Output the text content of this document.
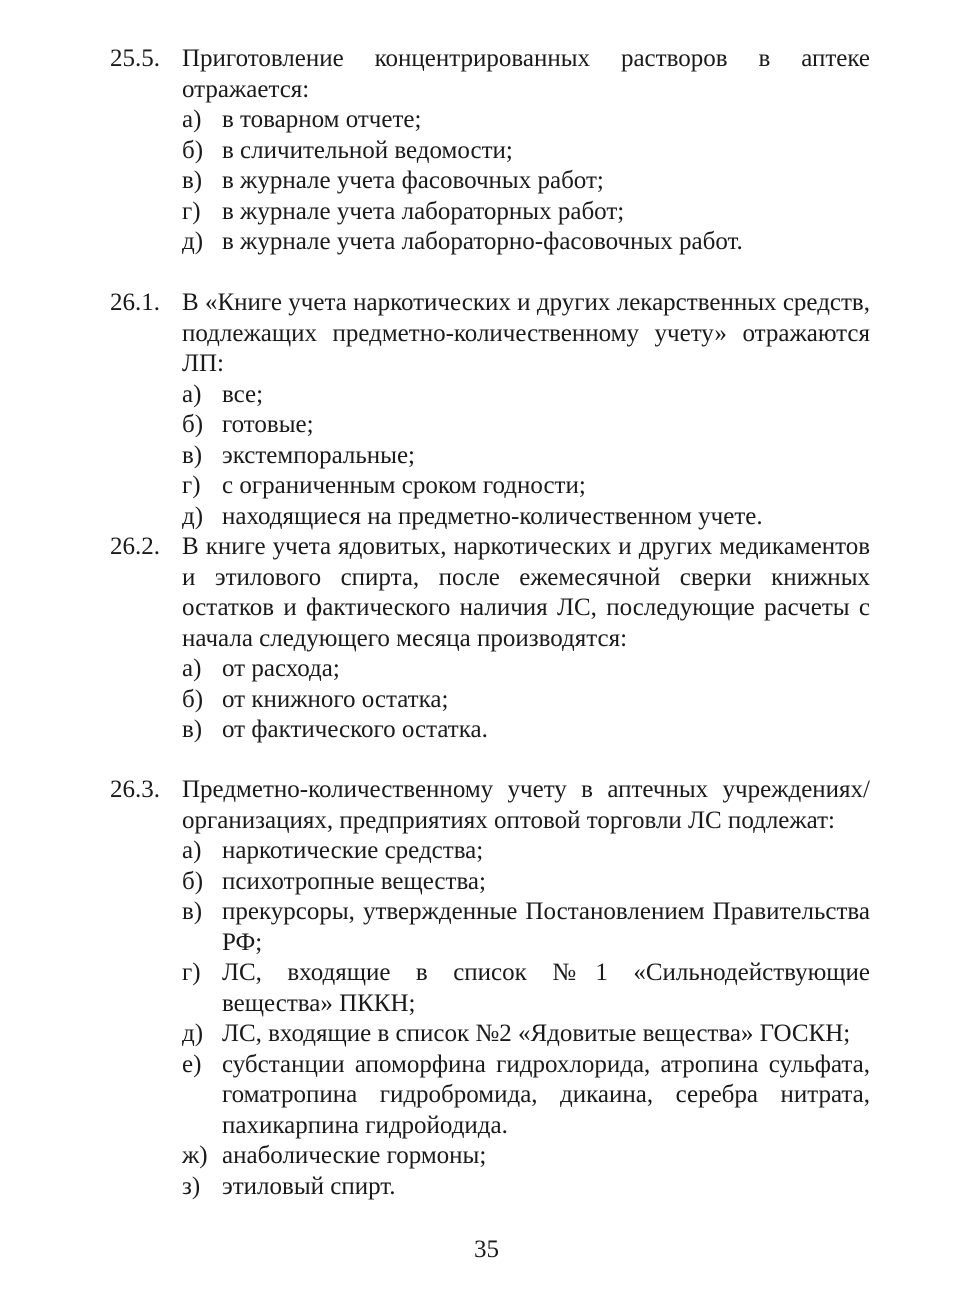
25.5. Приготовление концентрированных растворов в аптеке отражается:
а) в товарном отчете;
б) в сличительной ведомости;
в) в журнале учета фасовочных работ;
г) в журнале учета лабораторных работ;
д) в журнале учета лабораторно-фасовочных работ.
26.1. В «Книге учета наркотических и других лекарственных средств, подлежащих предметно-количественному учету» отражаются ЛП:
а) все;
б) готовые;
в) экстемпоральные;
г) с ограниченным сроком годности;
д) находящиеся на предметно-количественном учете.
26.2. В книге учета ядовитых, наркотических и других медикаментов и этилового спирта, после ежемесячной сверки книжных остатков и фактического наличия ЛС, последующие расчеты с начала следующего месяца производятся:
а) от расхода;
б) от книжного остатка;
в) от фактического остатка.
26.3. Предметно-количественному учету в аптечных учреждениях/ организациях, предприятиях оптовой торговли ЛС подлежат:
а) наркотические средства;
б) психотропные вещества;
в) прекурсоры, утвержденные Постановлением Правительства РФ;
г) ЛС, входящие в список №1 «Сильнодействующие вещества» ПККН;
д) ЛС, входящие в список №2 «Ядовитые вещества» ГОСКН;
е) субстанции апоморфина гидрохлорида, атропина сульфата, гоматропина гидробромида, дикаина, серебра нитрата, пахикарпина гидройодида.
ж) анаболические гормоны;
з) этиловый спирт.
35
